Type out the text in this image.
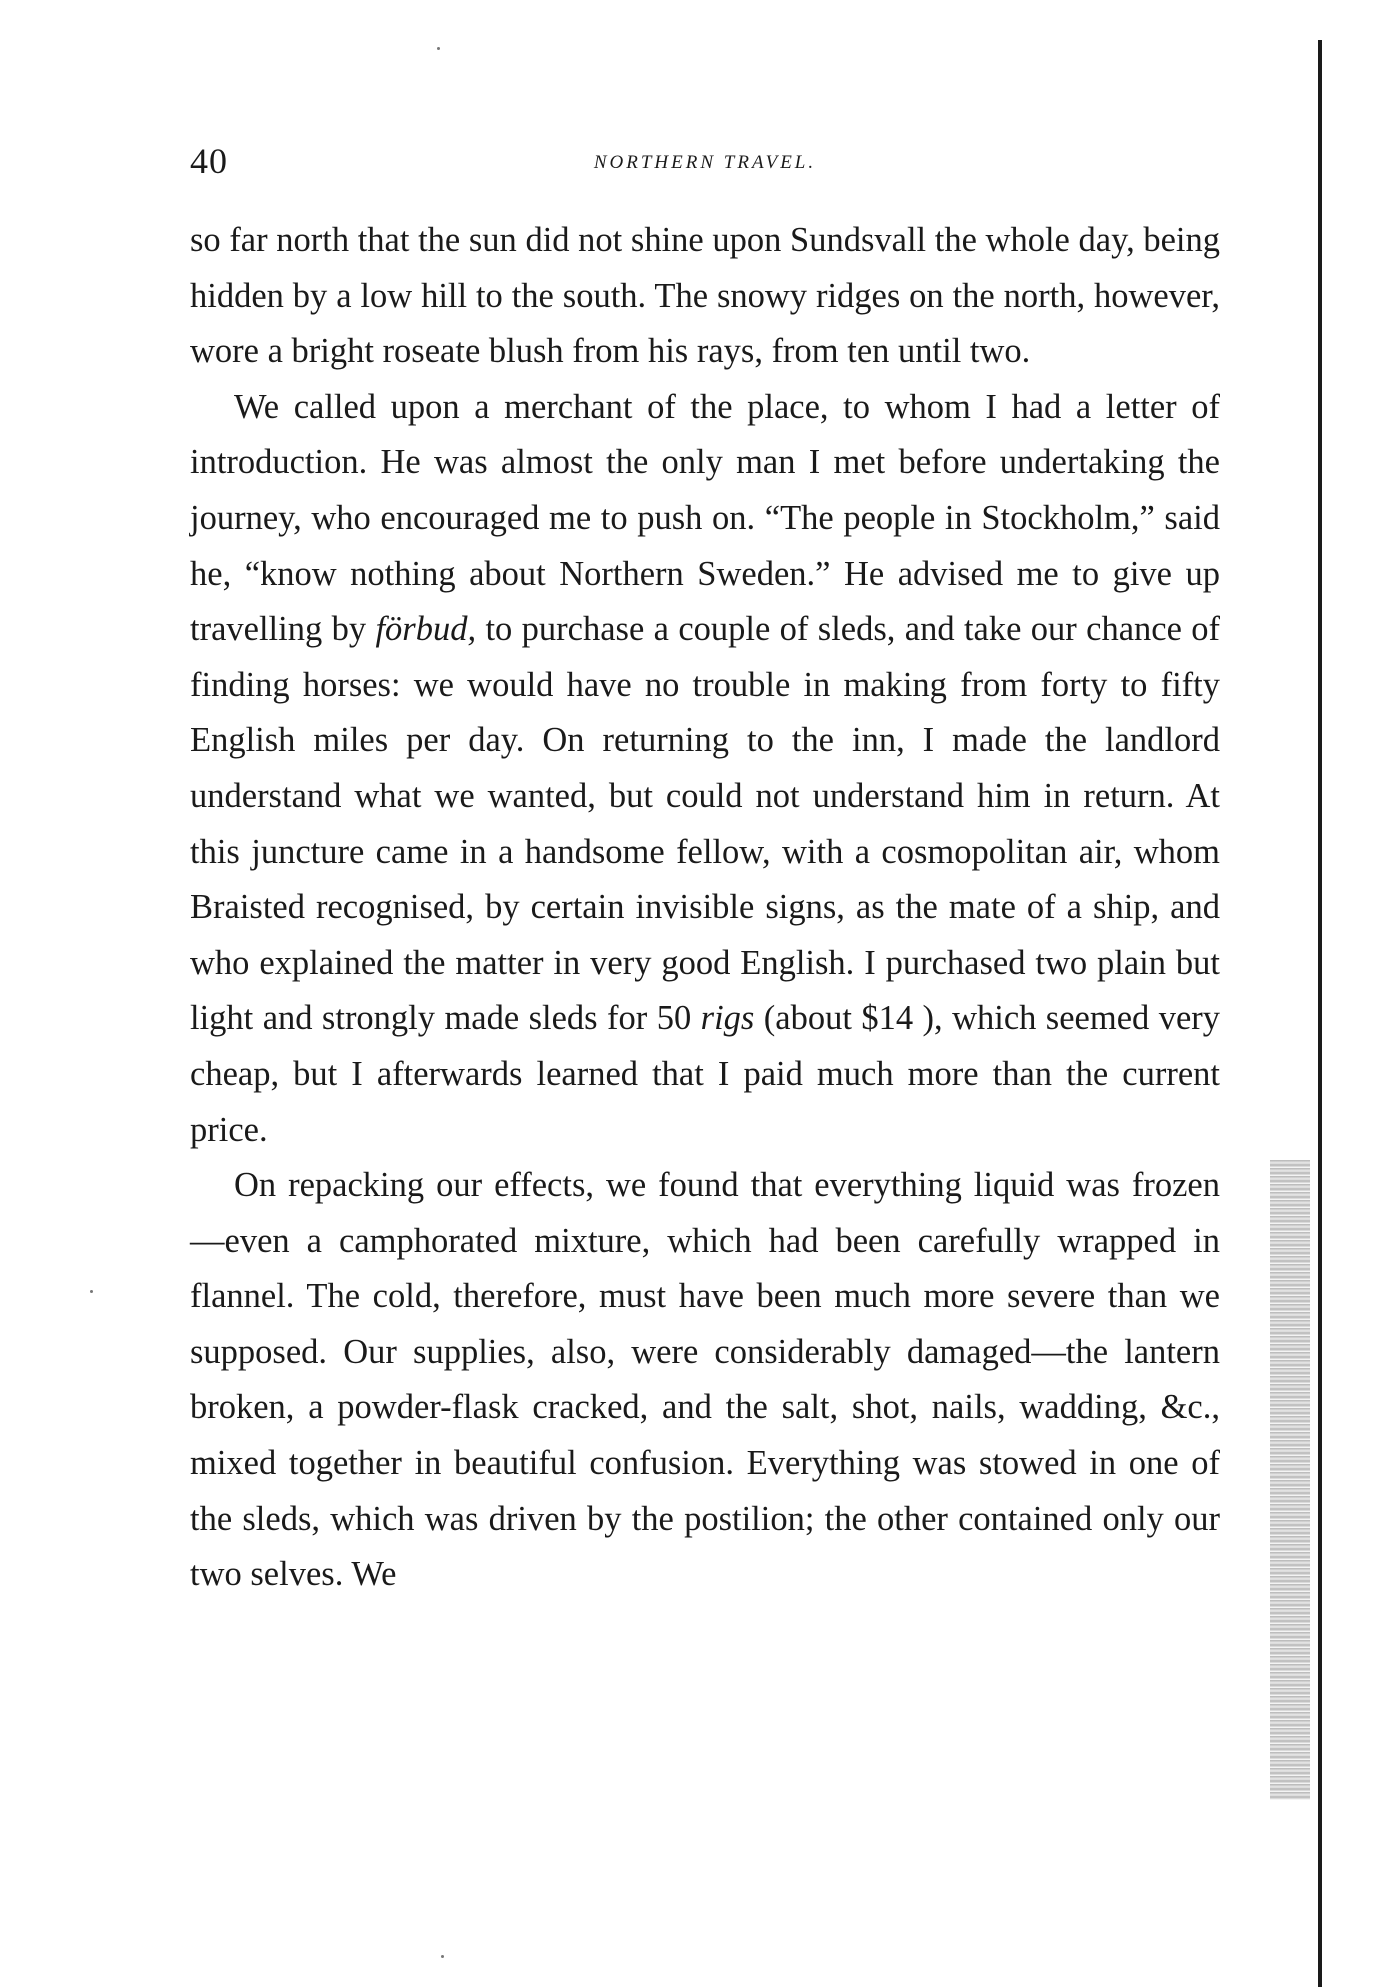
40	NORTHERN TRAVEL.

so far north that the sun did not shine upon Sundsvall the whole day, being hidden by a low hill to the south. The snowy ridges on the north, however, wore a bright roseate blush from his rays, from ten until two.

We called upon a merchant of the place, to whom I had a letter of introduction. He was almost the only man I met before undertaking the journey, who encouraged me to push on. “The people in Stockholm,” said he, “know nothing about Northern Sweden.” He advised me to give up travelling by förbud, to purchase a couple of sleds, and take our chance of finding horses: we would have no trouble in making from forty to fifty English miles per day. On returning to the inn, I made the landlord understand what we wanted, but could not understand him in return. At this juncture came in a handsome fellow, with a cosmopolitan air, whom Braisted recognised, by certain invisible signs, as the mate of a ship, and who explained the matter in very good English. I purchased two plain but light and strongly made sleds for 50 rigs (about $14 ), which seemed very cheap, but I afterwards learned that I paid much more than the current price.

On repacking our effects, we found that everything liquid was frozen—even a camphorated mixture, which had been carefully wrapped in flannel. The cold, therefore, must have been much more severe than we supposed. Our supplies, also, were considerably damaged—the lantern broken, a powder-flask cracked, and the salt, shot, nails, wadding, &c., mixed together in beautiful confusion. Everything was stowed in one of the sleds, which was driven by the postilion; the other contained only our two selves. We
